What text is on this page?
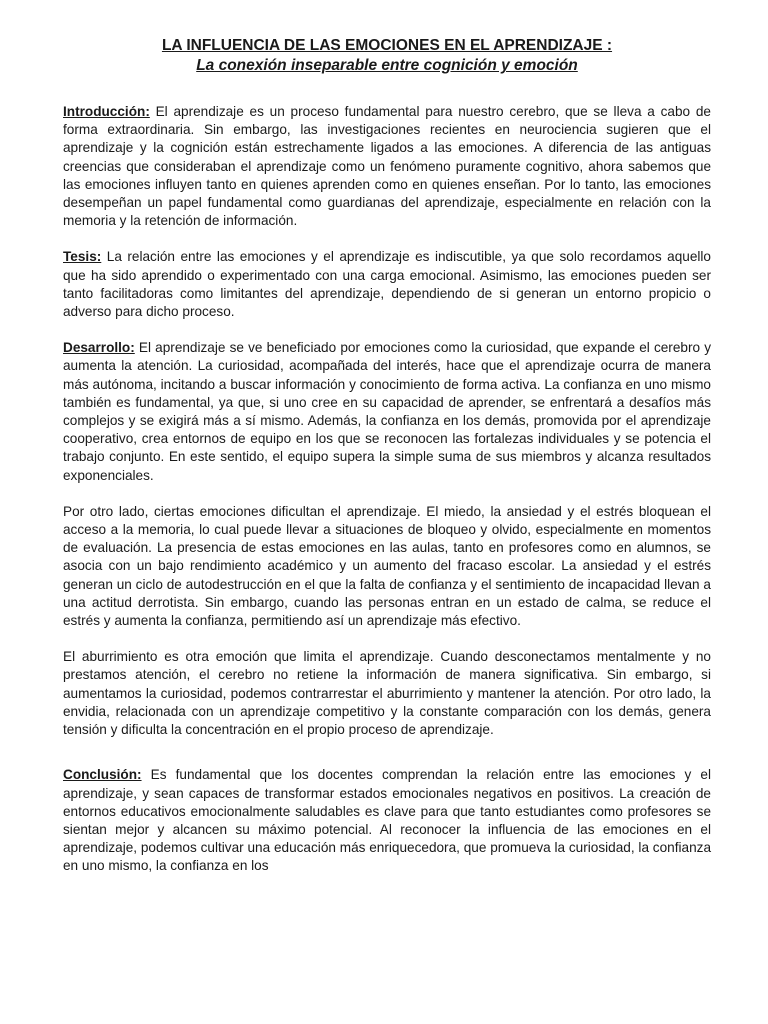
LA INFLUENCIA DE LAS EMOCIONES EN EL APRENDIZAJE :
La conexión inseparable entre cognición y emoción

Introducción: El aprendizaje es un proceso fundamental para nuestro cerebro, que se lleva a cabo de forma extraordinaria. Sin embargo, las investigaciones recientes en neurociencia sugieren que el aprendizaje y la cognición están estrechamente ligados a las emociones. A diferencia de las antiguas creencias que consideraban el aprendizaje como un fenómeno puramente cognitivo, ahora sabemos que las emociones influyen tanto en quienes aprenden como en quienes enseñan. Por lo tanto, las emociones desempeñan un papel fundamental como guardianas del aprendizaje, especialmente en relación con la memoria y la retención de información.

Tesis: La relación entre las emociones y el aprendizaje es indiscutible, ya que solo recordamos aquello que ha sido aprendido o experimentado con una carga emocional. Asimismo, las emociones pueden ser tanto facilitadoras como limitantes del aprendizaje, dependiendo de si generan un entorno propicio o adverso para dicho proceso.

Desarrollo: El aprendizaje se ve beneficiado por emociones como la curiosidad, que expande el cerebro y aumenta la atención. La curiosidad, acompañada del interés, hace que el aprendizaje ocurra de manera más autónoma, incitando a buscar información y conocimiento de forma activa. La confianza en uno mismo también es fundamental, ya que, si uno cree en su capacidad de aprender, se enfrentará a desafíos más complejos y se exigirá más a sí mismo. Además, la confianza en los demás, promovida por el aprendizaje cooperativo, crea entornos de equipo en los que se reconocen las fortalezas individuales y se potencia el trabajo conjunto. En este sentido, el equipo supera la simple suma de sus miembros y alcanza resultados exponenciales.

Por otro lado, ciertas emociones dificultan el aprendizaje. El miedo, la ansiedad y el estrés bloquean el acceso a la memoria, lo cual puede llevar a situaciones de bloqueo y olvido, especialmente en momentos de evaluación. La presencia de estas emociones en las aulas, tanto en profesores como en alumnos, se asocia con un bajo rendimiento académico y un aumento del fracaso escolar. La ansiedad y el estrés generan un ciclo de autodestrucción en el que la falta de confianza y el sentimiento de incapacidad llevan a una actitud derrotista. Sin embargo, cuando las personas entran en un estado de calma, se reduce el estrés y aumenta la confianza, permitiendo así un aprendizaje más efectivo.

El aburrimiento es otra emoción que limita el aprendizaje. Cuando desconectamos mentalmente y no prestamos atención, el cerebro no retiene la información de manera significativa. Sin embargo, si aumentamos la curiosidad, podemos contrarrestar el aburrimiento y mantener la atención. Por otro lado, la envidia, relacionada con un aprendizaje competitivo y la constante comparación con los demás, genera tensión y dificulta la concentración en el propio proceso de aprendizaje.

Conclusión: Es fundamental que los docentes comprendan la relación entre las emociones y el aprendizaje, y sean capaces de transformar estados emocionales negativos en positivos. La creación de entornos educativos emocionalmente saludables es clave para que tanto estudiantes como profesores se sientan mejor y alcancen su máximo potencial. Al reconocer la influencia de las emociones en el aprendizaje, podemos cultivar una educación más enriquecedora, que promueva la curiosidad, la confianza en uno mismo, la confianza en los
